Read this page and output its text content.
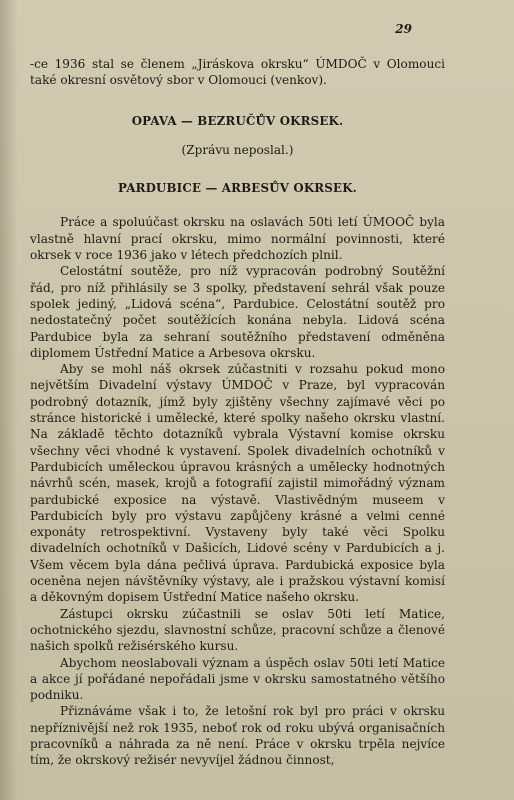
29

-ce 1936 stal se členem „Jiráskova okrsku“ ÚMDOČ v Olomouci také okresní osvětový sbor v Olomouci (venkov).

OPAVA — BEZRUČŮV OKRSEK.

(Zprávu neposlal.)

PARDUBICE — ARBESŮV OKRSEK.

Práce a spoluúčast okrsku na oslavách 50ti letí ÚMOOČ byla vlastně hlavní prací okrsku, mimo normální povinnosti, které okrsek v roce 1936 jako v létech předchozích plnil.

Celostátní soutěže, pro níž vypracován podrobný Soutěžní řád, pro níž přihlásily se 3 spolky, představení sehrál však pouze spolek jediný, „Lidová scéna“, Pardubice. Celostátní soutěž pro nedostatečný počet soutěžících konána nebyla. Lidová scéna Pardubice byla za sehraní soutěžního představení odměněna diplomem Ústřední Matice a Arbesova okrsku.

Aby se mohl náš okrsek zúčastniti v rozsahu pokud mono největším Divadelní výstavy ÚMDOČ v Praze, byl vypracován podrobný dotazník, jímž byly zjištěny všechny zajímavé věci po stránce historické i umělecké, které spolky našeho okrsku vlastní. Na základě těchto dotazníků vybrala Výstavní komise okrsku všechny věci vhodné k vystavení. Spolek divadelních ochotníků v Pardubicích uměleckou úpravou krásných a umělecky hodnotných návrhů scén, masek, krojů a fotografií zajistil mimořádný význam pardubické exposice na výstavě. Vlastivědným museem v Pardubicích byly pro výstavu zapůjčeny krásné a velmi cenné exponáty retrospektivní. Vystaveny byly také věci Spolku divadelních ochotníků v Dašicích, Lidové scény v Pardubicích a j. Všem věcem byla dána pečlivá úprava. Pardubická exposice byla oceněna nejen návštěvníky výstavy, ale i pražskou výstavní komisí a děkovným dopisem Ústřední Matice našeho okrsku.

Zástupci okrsku zúčastnili se oslav 50ti letí Matice, ochotnického sjezdu, slavnostní schůze, pracovní schůze a členové našich spolků režisérského kursu.

Abychom neoslabovali význam a úspěch oslav 50ti letí Matice a akce jí pořádané nepořádali jsme v okrsku samostatného většího podniku.

Přiznáváme však i to, že letošní rok byl pro práci v okrsku nepříznivější než rok 1935, neboť rok od roku ubývá organisačních pracovníků a náhrada za ně není. Práce v okrsku trpěla nejvíce tím, že okrskový režisér nevyvíjel žádnou činnost,
